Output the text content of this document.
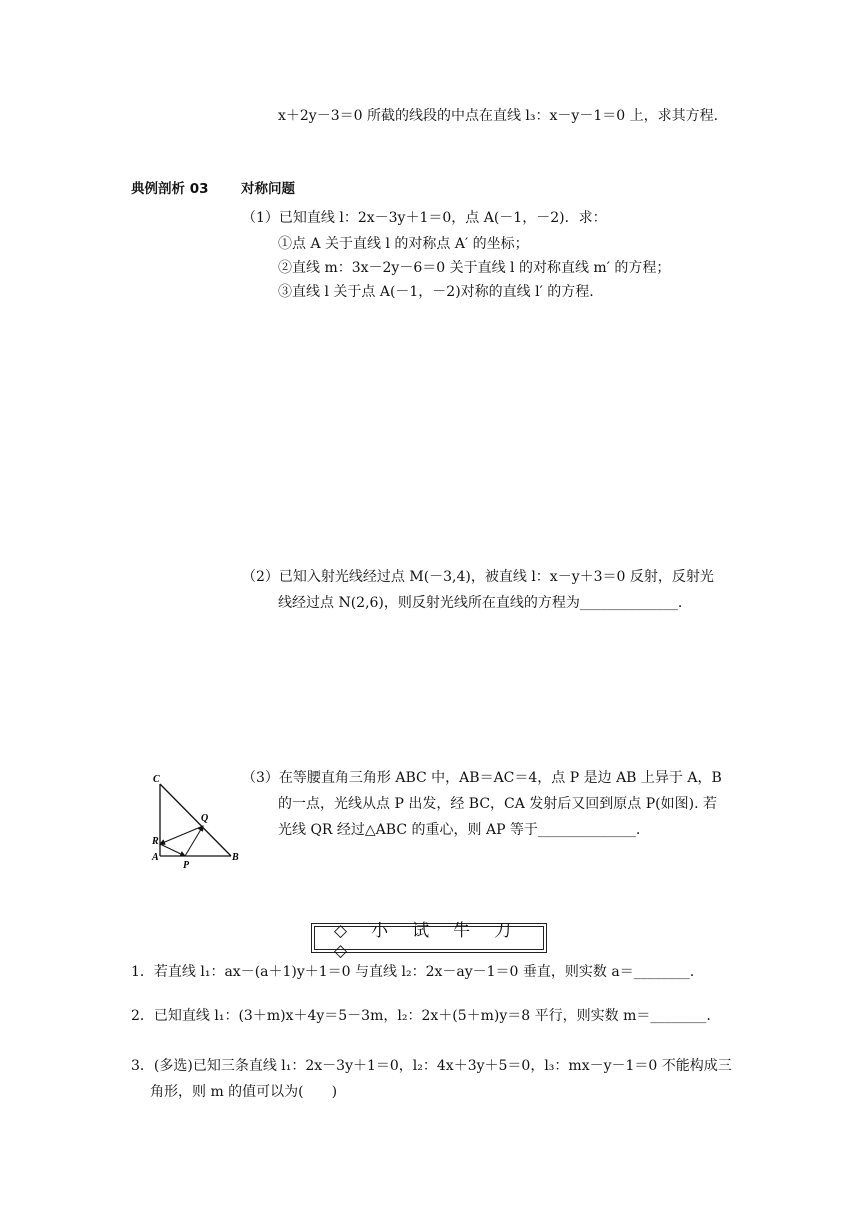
x＋2y－3＝0 所截的线段的中点在直线 l₃：x－y－1＝0 上，求其方程.
典例剖析 03 对称问题
（1）已知直线 l：2x－3y＋1＝0，点 A(－1，－2)．求：
①点 A 关于直线 l 的对称点 A′ 的坐标；
②直线 m：3x－2y－6＝0 关于直线 l 的对称直线 m′ 的方程；
③直线 l 关于点 A(－1，－2)对称的直线 l′ 的方程.
（2）已知入射光线经过点 M(－3,4)，被直线 l：x－y＋3＝0 反射，反射光
线经过点 N(2,6)，则反射光线所在直线的方程为______________.
（3）在等腰直角三角形 ABC 中，AB＝AC＝4，点 P 是边 AB 上异于 A，B
的一点，光线从点 P 出发，经 BC，CA 发射后又回到原点 P(如图). 若
光线 QR 经过△ABC 的重心，则 AP 等于______________.
C
Q
R
A
P
B
◇小试牛刀◇
1．若直线 l₁：ax－(a＋1)y＋1＝0 与直线 l₂：2x－ay－1＝0 垂直，则实数 a＝________.
2．已知直线 l₁：(3＋m)x＋4y＝5－3m，l₂：2x＋(5＋m)y＝8 平行，则实数 m＝________.
3．(多选)已知三条直线 l₁：2x－3y＋1＝0，l₂：4x＋3y＋5＝0，l₃：mx－y－1＝0 不能构成三
角形，则 m 的值可以为(　　)
